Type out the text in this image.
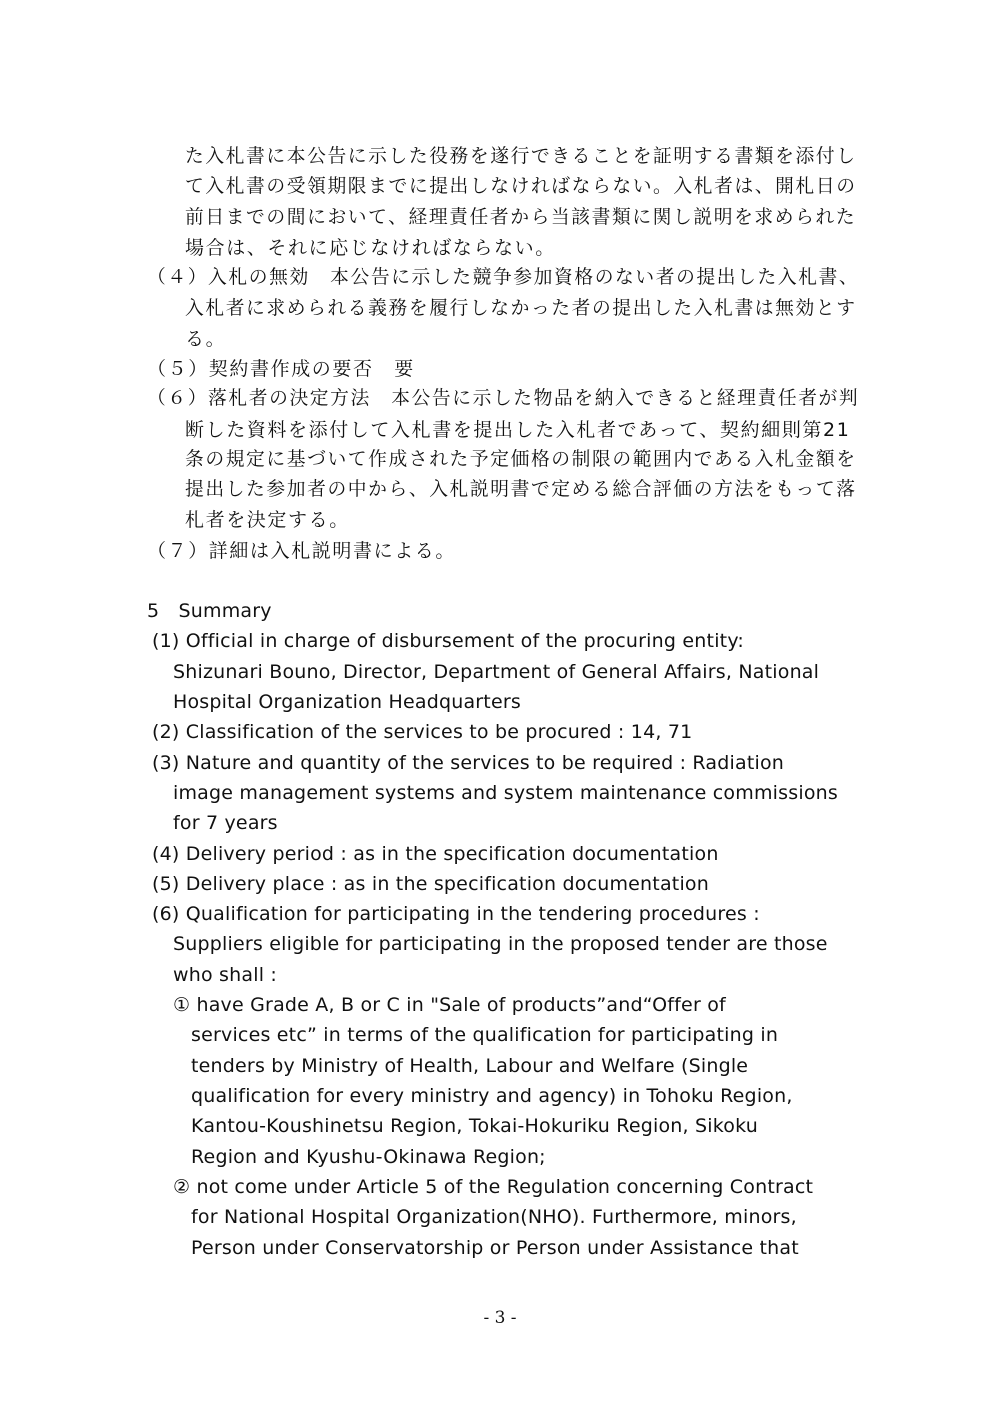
た入札書に本公告に示した役務を遂行できることを証明する書類を添付し

て入札書の受領期限までに提出しなければならない。入札者は、開札日の

前日までの間において、経理責任者から当該書類に関し説明を求められた

場合は、それに応じなければならない。

（４）入札の無効　本公告に示した競争参加資格のない者の提出した入札書、

入札者に求められる義務を履行しなかった者の提出した入札書は無効とす

る。

（５）契約書作成の要否　要

（６）落札者の決定方法　本公告に示した物品を納入できると経理責任者が判

断した資料を添付して入札書を提出した入札者であって、契約細則第21

条の規定に基づいて作成された予定価格の制限の範囲内である入札金額を

提出した参加者の中から、入札説明書で定める総合評価の方法をもって落

札者を決定する。

（７）詳細は入札説明書による。

5　Summary

(1) Official in charge of disbursement of the procuring entity:

Shizunari Bouno, Director, Department of General Affairs, National

Hospital Organization Headquarters

(2) Classification of the services to be procured : 14, 71

(3) Nature and quantity of the services to be required : Radiation

image management systems and system maintenance commissions

for 7 years

(4) Delivery period : as in the specification documentation

(5) Delivery place : as in the specification documentation

(6) Qualification for participating in the tendering procedures :

Suppliers eligible for participating in the proposed tender are those

who shall :

① have Grade A, B or C in "Sale of products”and“Offer of

services etc” in terms of the qualification for participating in

tenders by Ministry of Health, Labour and Welfare (Single

qualification for every ministry and agency) in Tohoku Region,

Kantou-Koushinetsu Region, Tokai-Hokuriku Region, Sikoku

Region and Kyushu-Okinawa Region;

② not come under Article 5 of the Regulation concerning Contract

for National Hospital Organization(NHO). Furthermore, minors,

Person under Conservatorship or Person under Assistance that

- 3 -
